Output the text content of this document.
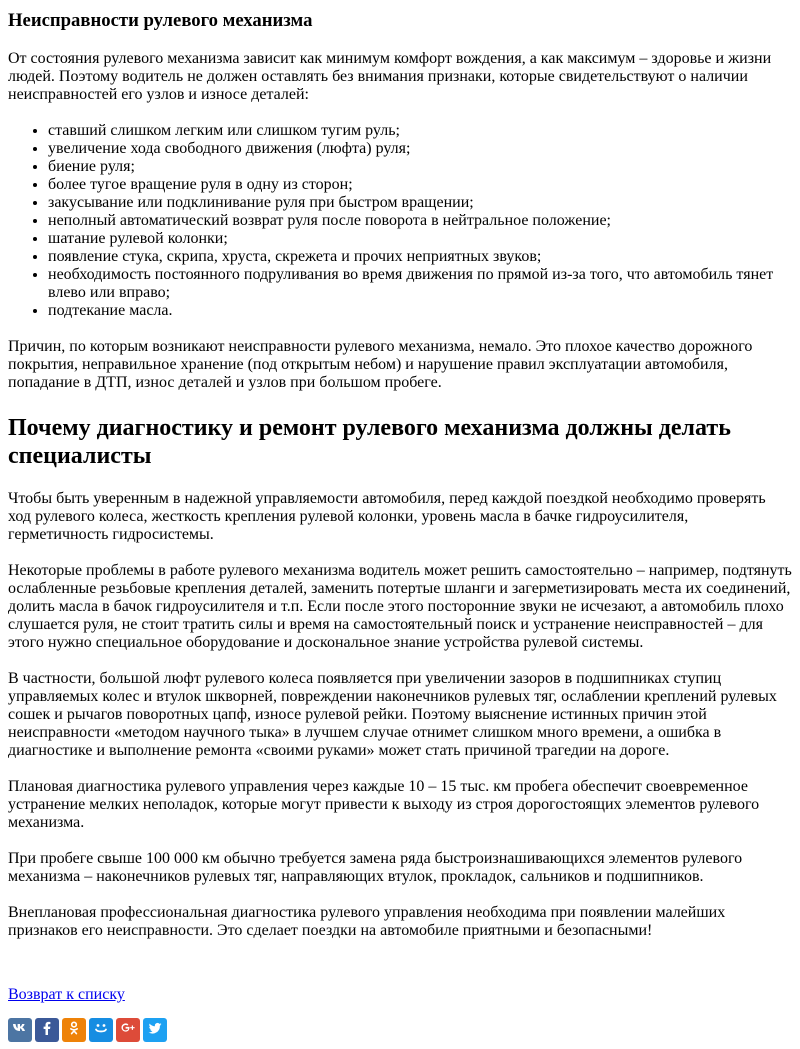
Неисправности рулевого механизма

От состояния рулевого механизма зависит как минимум комфорт вождения, а как максимум – здоровье и жизни людей. Поэтому водитель не должен оставлять без внимания признаки, которые свидетельствуют о наличии неисправностей его узлов и износе деталей:

• ставший слишком легким или слишком тугим руль;
• увеличение хода свободного движения (люфта) руля;
• биение руля;
• более тугое вращение руля в одну из сторон;
• закусывание или подклинивание руля при быстром вращении;
• неполный автоматический возврат руля после поворота в нейтральное положение;
• шатание рулевой колонки;
• появление стука, скрипа, хруста, скрежета и прочих неприятных звуков;
• необходимость постоянного подруливания во время движения по прямой из-за того, что автомобиль тянет влево или вправо;
• подтекание масла.

Причин, по которым возникают неисправности рулевого механизма, немало. Это плохое качество дорожного покрытия, неправильное хранение (под открытым небом) и нарушение правил эксплуатации автомобиля, попадание в ДТП, износ деталей и узлов при большом пробеге.

Почему диагностику и ремонт рулевого механизма должны делать специалисты

Чтобы быть уверенным в надежной управляемости автомобиля, перед каждой поездкой необходимо проверять ход рулевого колеса, жесткость крепления рулевой колонки, уровень масла в бачке гидроусилителя, герметичность гидросистемы.

Некоторые проблемы в работе рулевого механизма водитель может решить самостоятельно – например, подтянуть ослабленные резьбовые крепления деталей, заменить потертые шланги и загерметизировать места их соединений, долить масла в бачок гидроусилителя и т.п. Если после этого посторонние звуки не исчезают, а автомобиль плохо слушается руля, не стоит тратить силы и время на самостоятельный поиск и устранение неисправностей – для этого нужно специальное оборудование и доскональное знание устройства рулевой системы.

В частности, большой люфт рулевого колеса появляется при увеличении зазоров в подшипниках ступиц управляемых колес и втулок шкворней, повреждении наконечников рулевых тяг, ослаблении креплений рулевых сошек и рычагов поворотных цапф, износе рулевой рейки. Поэтому выяснение истинных причин этой неисправности «методом научного тыка» в лучшем случае отнимет слишком много времени, а ошибка в диагностике и выполнение ремонта «своими руками» может стать причиной трагедии на дороге.

Плановая диагностика рулевого управления через каждые 10 – 15 тыс. км пробега обеспечит своевременное устранение мелких неполадок, которые могут привести к выходу из строя дорогостоящих элементов рулевого механизма.

При пробеге свыше 100 000 км обычно требуется замена ряда быстроизнашивающихся элементов рулевого механизма – наконечников рулевых тяг, направляющих втулок, прокладок, сальников и подшипников.

Внеплановая профессиональная диагностика рулевого управления необходима при появлении малейших признаков его неисправности. Это сделает поездки на автомобиле приятными и безопасными!

Возврат к списку
